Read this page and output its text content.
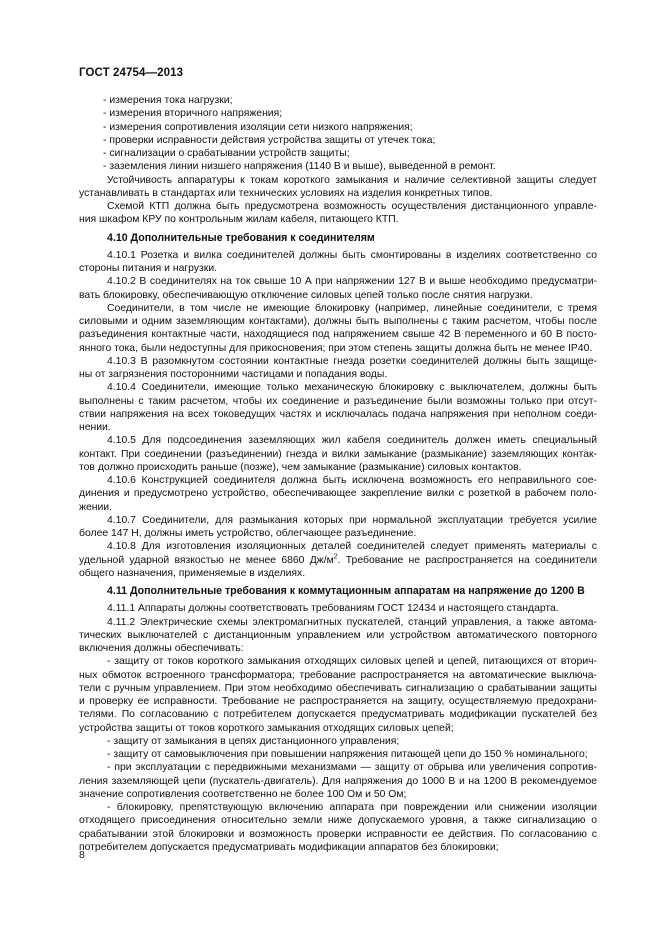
ГОСТ 24754—2013
- измерения тока нагрузки;
- измерения вторичного напряжения;
- измерения сопротивления изоляции сети низкого напряжения;
- проверки исправности действия устройства защиты от утечек тока;
- сигнализации о срабатывании устройств защиты;
- заземления линии низшего напряжения (1140 В и выше), выведенной в ремонт.
Устойчивость аппаратуры к токам короткого замыкания и наличие селективной защиты следует
устанавливать в стандартах или технических условиях на изделия конкретных типов.
Схемой КТП должна быть предусмотрена возможность осуществления дистанционного управле-
ния шкафом КРУ по контрольным жилам кабеля, питающего КТП.
4.10 Дополнительные требования к соединителям
4.10.1 Розетка и вилка соединителей должны быть смонтированы в изделиях соответственно со
стороны питания и нагрузки.
4.10.2 В соединителях на ток свыше 10 А при напряжении 127 В и выше необходимо предусматри-
вать блокировку, обеспечивающую отключение силовых цепей только после снятия нагрузки.
Соединители, в том числе не имеющие блокировку (например, линейные соединители, с тремя
силовыми и одним заземляющим контактами), должны быть выполнены с таким расчетом, чтобы после
разъединения контактные части, находящиеся под напряжением свыше 42 В переменного и 60 В посто-
янного тока, были недоступны для прикосновения; при этом степень защиты должна быть не менее IP40.
4.10.3 В разомкнутом состоянии контактные гнезда розетки соединителей должны быть защище-
ны от загрязнения посторонними частицами и попадания воды.
4.10.4 Соединители, имеющие только механическую блокировку с выключателем, должны быть
выполнены с таким расчетом, чтобы их соединение и разъединение были возможны только при отсут-
ствии напряжения на всех токоведущих частях и исключалась подача напряжения при неполном соеди-
нении.
4.10.5 Для подсоединения заземляющих жил кабеля соединитель должен иметь специальный
контакт. При соединении (разъединении) гнезда и вилки замыкание (размыкание) заземляющих контак-
тов должно происходить раньше (позже), чем замыкание (размыкание) силовых контактов.
4.10.6 Конструкцией соединителя должна быть исключена возможность его неправильного сое-
динения и предусмотрено устройство, обеспечивающее закрепление вилки с розеткой в рабочем поло-
жении.
4.10.7 Соединители, для размыкания которых при нормальной эксплуатации требуется усилие
более 147 Н, должны иметь устройство, облегчающее разъединение.
4.10.8 Для изготовления изоляционных деталей соединителей следует применять материалы с
удельной ударной вязкостью не менее 6860 $Дж/м^2$. Требование не распространяется на соединители
общего назначения, применяемые в изделиях.
4.11 Дополнительные требования к коммутационным аппаратам на напряжение до 1200 В
4.11.1 Аппараты должны соответствовать требованиям ГОСТ 12434 и настоящего стандарта.
4.11.2 Электрические схемы электромагнитных пускателей, станций управления, а также автома-
тических выключателей с дистанционным управлением или устройством автоматического повторного
включения должны обеспечивать:
- защиту от токов короткого замыкания отходящих силовых цепей и цепей, питающихся от вторич-
ных обмоток встроенного трансформатора; требование распространяется на автоматические выключа-
тели с ручным управлением. При этом необходимо обеспечивать сигнализацию о срабатывании защиты
и проверку ее исправности. Требование не распространяется на защиту, осуществляемую предохрани-
телями. По согласованию с потребителем допускается предусматривать модификации пускателей без
устройства защиты от токов короткого замыкания отходящих силовых цепей;
- защиту от замыкания в цепях дистанционного управления;
- защиту от самовыключения при повышении напряжения питающей цепи до 150 % номинального;
- при эксплуатации с передвижными механизмами — защиту от обрыва или увеличения сопротив-
ления заземляющей цепи (пускатель-двигатель). Для напряжения до 1000 В и на 1200 В рекомендуемое
значение сопротивления соответственно не более 100 Ом и 50 Ом;
- блокировку, препятствующую включению аппарата при повреждении или снижении изоляции
отходящего присоединения относительно земли ниже допускаемого уровня, а также сигнализацию о
срабатывании этой блокировки и возможность проверки исправности ее действия. По согласованию с
потребителем допускается предусматривать модификации аппаратов без блокировки;
8
